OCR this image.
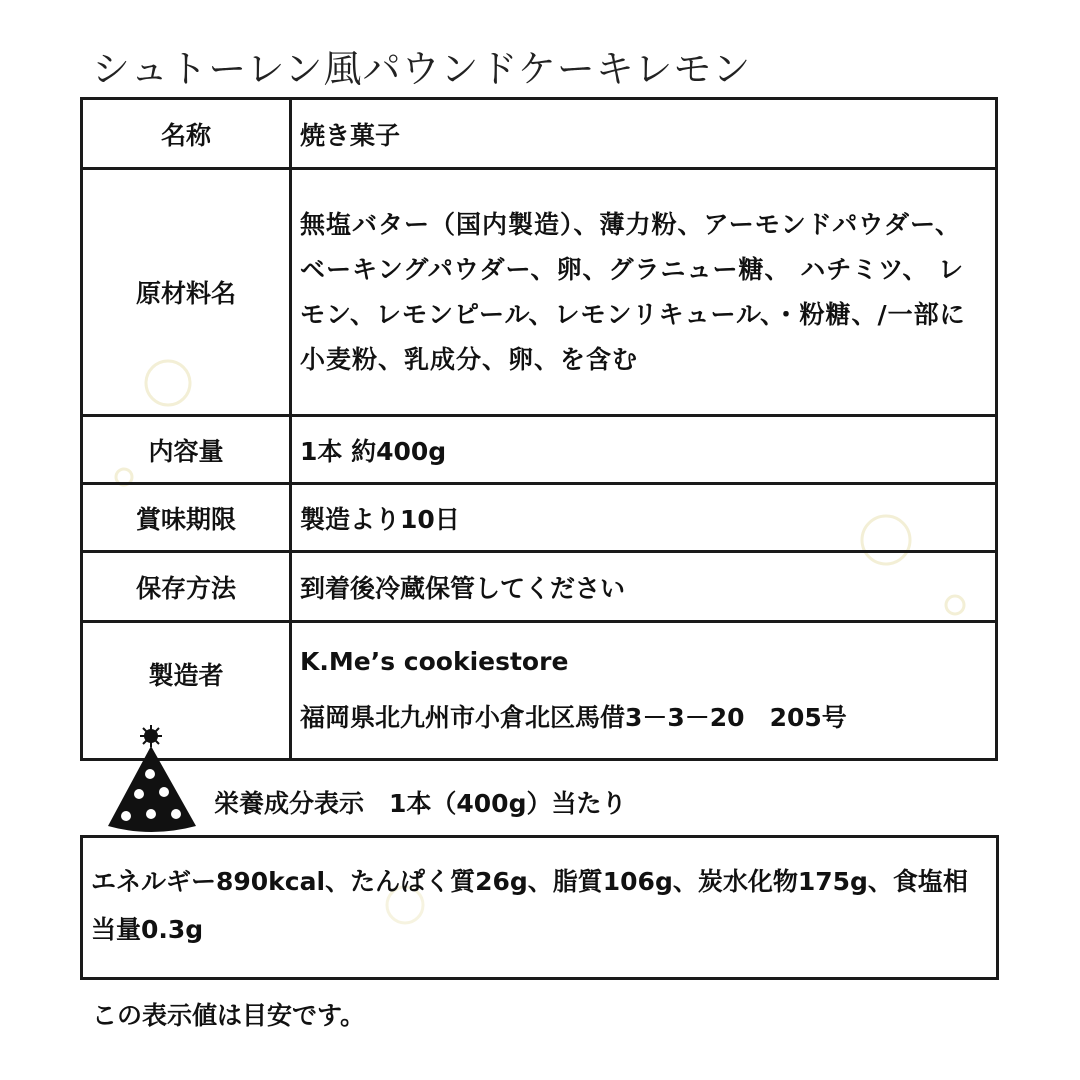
シュトーレン風パウンドケーキレモン
名称	焼き菓子
原材料名	無塩バター（国内製造）、薄力粉、アーモンドパウダー、 ベーキングパウダー、卵、グラニュー糖、 ハチミツ、 レモン、レモンピール、レモンリキュール、・粉糖、/一部に小麦粉、乳成分、卵、を含む
内容量	1本 約400g
賞味期限	製造より10日
保存方法	到着後冷蔵保管してください

製造者	K.Me’s cookiestore
福岡県北九州市小倉北区馬借3－3－20　205号
栄養成分表示　1本（400g）当たり
エネルギー890kcal、たんぱく質26g、脂質106g、炭水化物175g、食塩相当量0.3g
この表示値は目安です。
